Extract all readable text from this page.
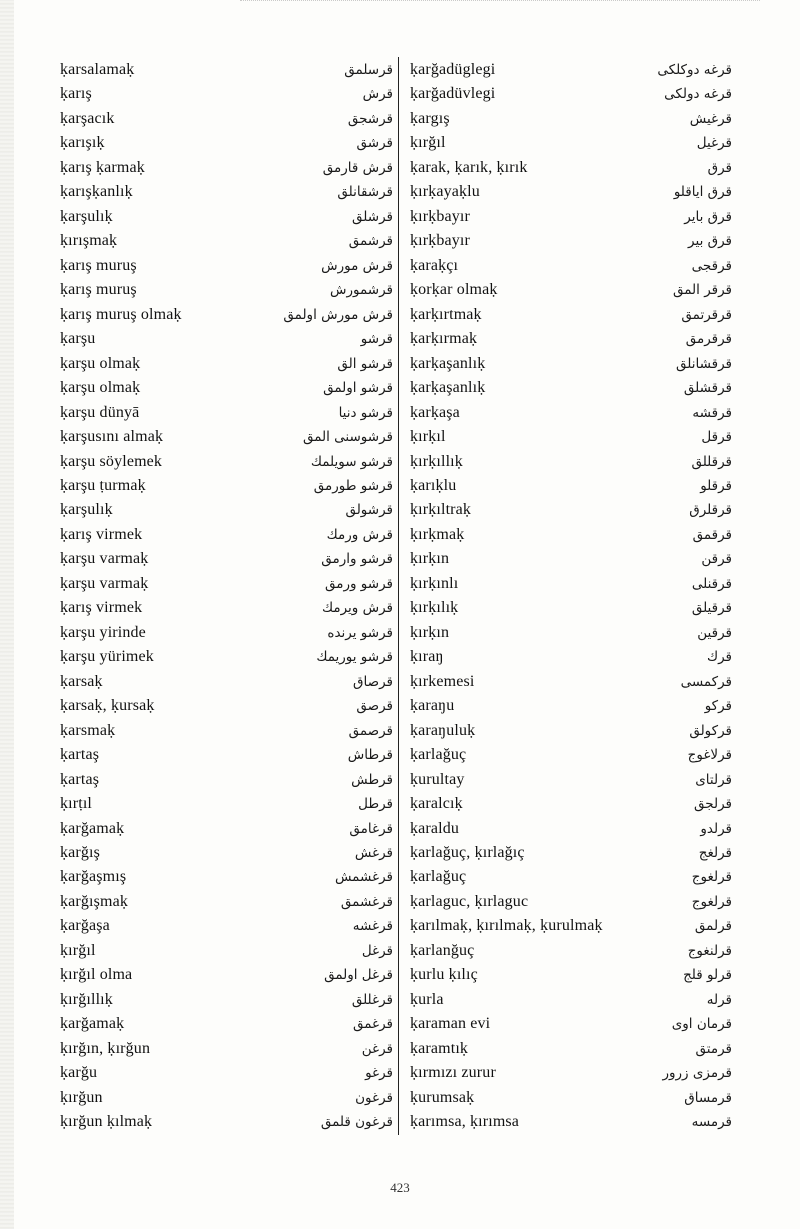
ḳarsalamaḳ	قرسلمق
ḳarış	قرش
ḳarşacık	قرشجق
ḳarışıḳ	قرشق
ḳarış ḳarmaḳ	قرش قارمق
ḳarışḳanlıḳ	قرشقانلق
ḳarşulıḳ	قرشلق
ḳırışmaḳ	قرشمق
ḳarış muruş	قرش مورش
ḳarış muruş	قرشمورش
ḳarış muruş olmaḳ	قرش مورش اولمق
ḳarşu	قرشو
ḳarşu olmaḳ	قرشو الق
ḳarşu olmaḳ	قرشو اولمق
ḳarşu dünyā	قرشو دنيا
ḳarşusını almaḳ	قرشوسنى المق
ḳarşu söylemek	قرشو سويلمك
ḳarşu ṭurmaḳ	قرشو طورمق
ḳarşulıḳ	قرشولق
ḳarış virmek	قرش ورمك
ḳarşu varmaḳ	قرشو وارمق
ḳarşu varmaḳ	قرشو ورمق
ḳarış virmek	قرش ويرمك
ḳarşu yirinde	قرشو يرنده
ḳarşu yürimek	قرشو يوريمك
ḳarsaḳ	قرصاق
ḳarsaḳ, ḳursaḳ	قرصق
ḳarsmaḳ	قرصمق
ḳartaş	قرطاش
ḳartaş	قرطش
ḳırṭıl	قرطل
ḳarğamaḳ	قرغامق
ḳarğış	قرغش
ḳarğaşmış	قرغشمش
ḳarğışmaḳ	قرغشمق
ḳarğaşa	قرغشه
ḳırğıl	قرغل
ḳırğıl olma	قرغل اولمق
ḳırğıllıḳ	قرغللق
ḳarğamaḳ	قرغمق
ḳırğın, ḳırğun	قرغن
ḳarğu	قرغو
ḳırğun	قرغون
ḳırğun ḳılmaḳ	قرغون قلمق
ḳarğadüglegi	قرغه دوكلكى
ḳarğadüvlegi	قرغه دولكى
ḳargış	قرغيش
ḳırğıl	قرغيل
ḳarak, ḳarık, ḳırık	قرق
ḳırḳayaḳlu	قرق اياقلو
ḳırḳbayır	قرق باير
ḳırḳbayır	قرق بير
ḳaraḳçı	قرقجى
ḳorḳar olmaḳ	قرقر المق
ḳarḳırtmaḳ	قرقرتمق
ḳarḳırmaḳ	قرقرمق
ḳarḳaşanlıḳ	قرقشانلق
ḳarḳaşanlıḳ	قرقشلق
ḳarḳaşa	قرقشه
ḳırḳıl	قرقل
ḳırḳıllıḳ	قرقللق
ḳarıḳlu	قرقلو
ḳırḳıltraḳ	قرقلرق
ḳırḳmaḳ	قرقمق
ḳırḳın	قرقن
ḳırḳınlı	قرقنلى
ḳırḳılıḳ	قرقيلق
ḳırḳın	قرقين
ḳıraŋ	قرك
ḳırkemesi	قركمسى
ḳaraŋu	قركو
ḳaraŋuluḳ	قركولق
ḳarlağuç	قرلاغوج
ḳurultay	قرلتاى
ḳaralcıḳ	قرلجق
ḳaraldu	قرلدو
ḳarlağuç, ḳırlağıç	قرلغج
ḳarlağuç	قرلغوج
ḳarlaguc, ḳırlaguc	قرلغوج
ḳarılmaḳ, ḳırılmaḳ, ḳurulmaḳ	قرلمق
ḳarlanğuç	قرلنغوج
ḳurlu ḳılıç	قرلو قلج
ḳurla	قرله
ḳaraman evi	قرمان اوى
ḳaramtıḳ	قرمتق
ḳırmızı zurur	قرمزى زرور
ḳurumsaḳ	قرمساق
ḳarımsa, ḳırımsa	قرمسه
423
